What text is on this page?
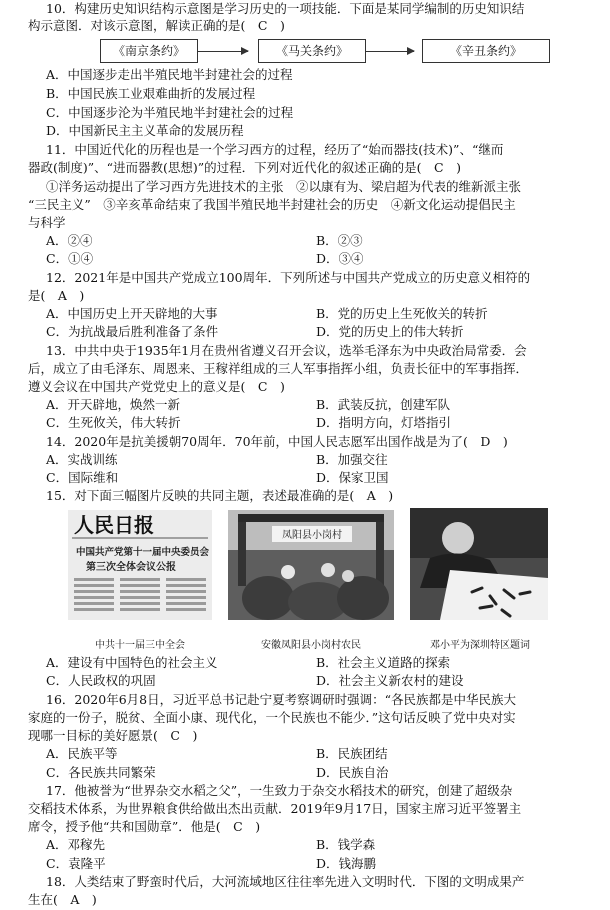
10．构建历史知识结构示意图是学习历史的一项技能．下面是某同学编制的历史知识结
构示意图．对该示意图，解读正确的是(　C　)
《南京条约》	《马关条约》	《辛丑条约》
A．中国逐步走出半殖民地半封建社会的过程
B．中国民族工业艰难曲折的发展过程
C．中国逐步沦为半殖民地半封建社会的过程
D．中国新民主主义革命的发展历程
11．中国近代化的历程也是一个学习西方的过程，经历了“始而器技(技术)”、“继而
器政(制度)”、“进而器教(思想)”的过程．下列对近代化的叙述正确的是(　C　)
①洋务运动提出了学习西方先进技术的主张　②以康有为、梁启超为代表的维新派主张
“三民主义”　③辛亥革命结束了我国半殖民地半封建社会的历史　④新文化运动提倡民主
与科学
A．②④	B．②③
C．①④	D．③④
12．2021年是中国共产党成立100周年．下列所述与中国共产党成立的历史意义相符的
是(　A　)
A．中国历史上开天辟地的大事	B．党的历史上生死攸关的转折
C．为抗战最后胜利准备了条件	D．党的历史上的伟大转折
13．中共中央于1935年1月在贵州省遵义召开会议，选举毛泽东为中央政治局常委．会
后，成立了由毛泽东、周恩来、王稼祥组成的三人军事指挥小组，负责长征中的军事指挥．
遵义会议在中国共产党党史上的意义是(　C　)
A．开天辟地，焕然一新	B．武装反抗，创建军队
C．生死攸关，伟大转折	D．指明方向，灯塔指引
14．2020年是抗美援朝70周年．70年前，中国人民志愿军出国作战是为了(　D　)
A．实战训练	B．加强交往
C．国际维和	D．保家卫国
15．对下面三幅图片反映的共同主题，表述最准确的是(　A　)
人民日报
中国共产党第十一届中央委员会
第三次全体会议公报
凤阳县小岗村
中共十一届三中全会	安徽凤阳县小岗村农民	邓小平为深圳特区题词
A．建设有中国特色的社会主义	B．社会主义道路的探索
C．人民政权的巩固	D．社会主义新农村的建设
16．2020年6月8日，习近平总书记赴宁夏考察调研时强调：“各民族都是中华民族大
家庭的一份子，脱贫、全面小康、现代化，一个民族也不能少．”这句话反映了党中央对实
现哪一目标的美好愿景(　C　)
A．民族平等	B．民族团结
C．各民族共同繁荣	D．民族自治
17．他被誉为“世界杂交水稻之父”，一生致力于杂交水稻技术的研究，创建了超级杂
交稻技术体系，为世界粮食供给做出杰出贡献．2019年9月17日，国家主席习近平签署主
席令，授予他“共和国勋章”．他是(　C　)
A．邓稼先	B．钱学森
C．袁隆平	D．钱海鹏
18．人类结束了野蛮时代后，大河流域地区往往率先进入文明时代．下图的文明成果产
生在(　A　)
